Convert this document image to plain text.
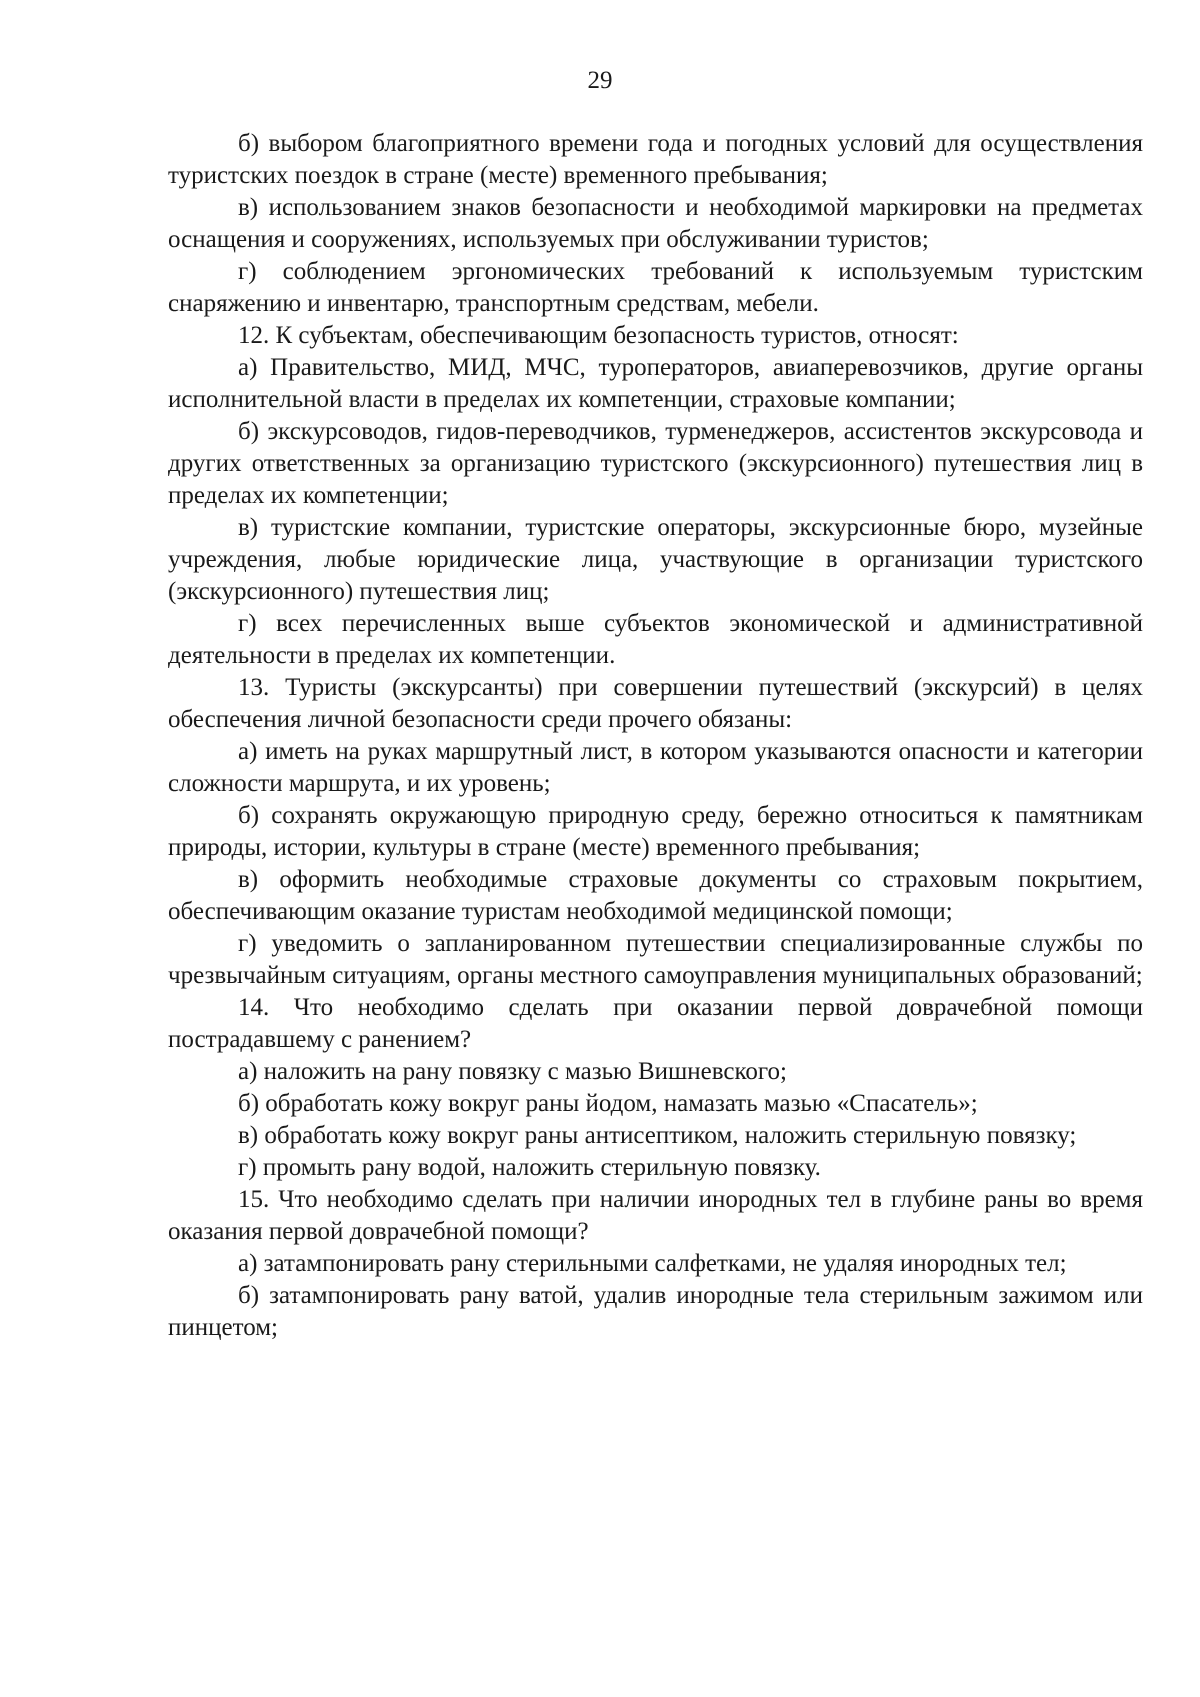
29

б) выбором благоприятного времени года и погодных условий для осуществления туристских поездок в стране (месте) временного пребывания;

в) использованием знаков безопасности и необходимой маркировки на предметах оснащения и сооружениях, используемых при обслуживании туристов;

г) соблюдением эргономических требований к используемым туристским снаряжению и инвентарю, транспортным средствам, мебели.

12. К субъектам, обеспечивающим безопасность туристов, относят:

а) Правительство, МИД, МЧС, туроператоров, авиаперевозчиков, другие органы исполнительной власти в пределах их компетенции, страховые компании;

б) экскурсоводов, гидов-переводчиков, турменеджеров, ассистентов экскурсовода и других ответственных за организацию туристского (экскурсионного) путешествия лиц в пределах их компетенции;

в) туристские компании, туристские операторы, экскурсионные бюро, музейные учреждения, любые юридические лица, участвующие в организации туристского (экскурсионного) путешествия лиц;

г) всех перечисленных выше субъектов экономической и административной деятельности в пределах их компетенции.

13. Туристы (экскурсанты) при совершении путешествий (экскурсий) в целях обеспечения личной безопасности среди прочего обязаны:

а) иметь на руках маршрутный лист, в котором указываются опасности и категории сложности маршрута, и их уровень;

б) сохранять окружающую природную среду, бережно относиться к памятникам природы, истории, культуры в стране (месте) временного пребывания;

в) оформить необходимые страховые документы со страховым покрытием, обеспечивающим оказание туристам необходимой медицинской помощи;

г) уведомить о запланированном путешествии специализированные службы по чрезвычайным ситуациям, органы местного самоуправления муниципальных образований;

14. Что необходимо сделать при оказании первой доврачебной помощи пострадавшему с ранением?

а) наложить на рану повязку с мазью Вишневского;

б) обработать кожу вокруг раны йодом, намазать мазью «Спасатель»;

в) обработать кожу вокруг раны антисептиком, наложить стерильную повязку;

г) промыть рану водой, наложить стерильную повязку.

15. Что необходимо сделать при наличии инородных тел в глубине раны во время оказания первой доврачебной помощи?

а) затампонировать рану стерильными салфетками, не удаляя инородных тел;

б) затампонировать рану ватой, удалив инородные тела стерильным зажимом или пинцетом;
